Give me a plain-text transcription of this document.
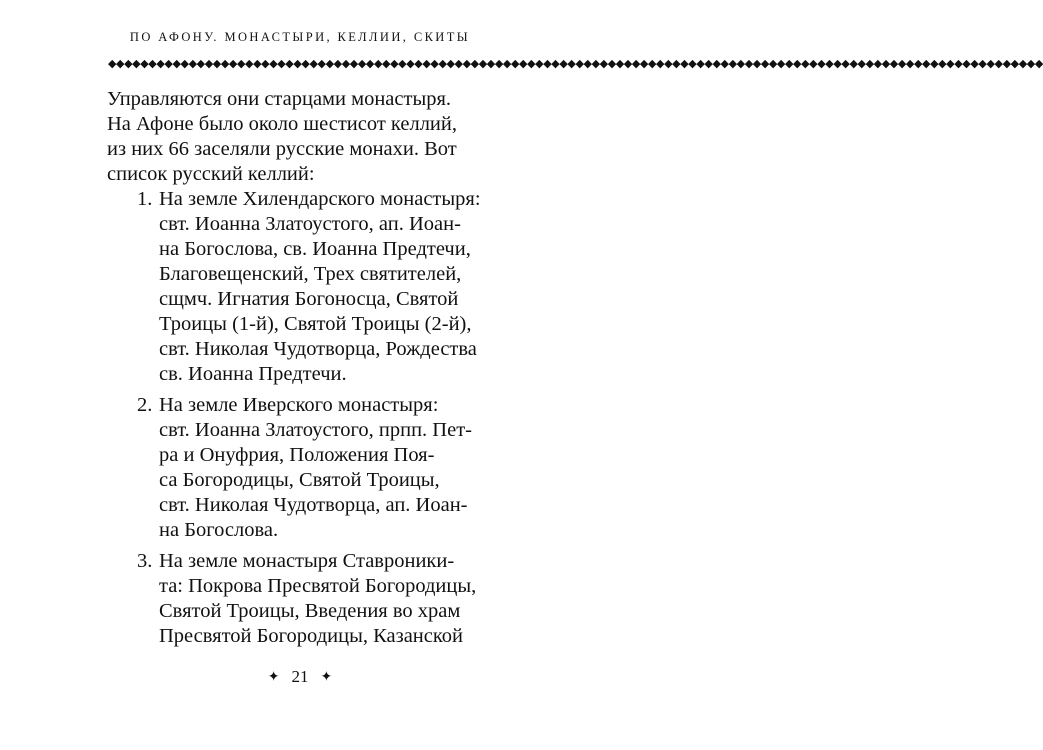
ПО АФОНУ. МОНАСТЫРИ, КЕЛЛИИ, СКИТЫ
◆◆◆◆◆◆◆◆◆◆◆◆◆◆◆◆◆◆◆◆◆◆◆◆◆◆◆◆◆◆◆◆◆◆◆◆◆◆◆◆◆◆◆◆◆◆◆◆◆◆◆◆◆◆◆◆◆◆◆◆◆◆◆◆◆◆◆◆◆◆◆◆◆◆◆◆◆◆◆◆◆◆◆◆◆◆◆◆◆◆◆◆◆◆◆◆◆◆◆◆◆◆◆◆◆◆◆◆◆◆◆◆◆◆◆◆

Управляются они старцами монастыря.
На Афоне было около шестисот келлий,
из них 66 заселяли русские монахи. Вот
список русский келлий:

1. На земле Хилендарского монастыря:
свт. Иоанна Златоустого, ап. Иоан-
на Богослова, св. Иоанна Предтечи,
Благовещенский, Трех святителей,
сщмч. Игнатия Богоносца, Святой
Троицы (1-й), Святой Троицы (2-й),
свт. Николая Чудотворца, Рождества
св. Иоанна Предтечи.
2. На земле Иверского монастыря:
свт. Иоанна Златоустого, прпп. Пет-
ра и Онуфрия, Положения Поя-
са Богородицы, Святой Троицы,
свт. Николая Чудотворца, ап. Иоан-
на Богослова.
3. На земле монастыря Ставроники-
та: Покрова Пресвятой Богородицы,
Святой Троицы, Введения во храм
Пресвятой Богородицы, Казанской
✦ 21 ✦
